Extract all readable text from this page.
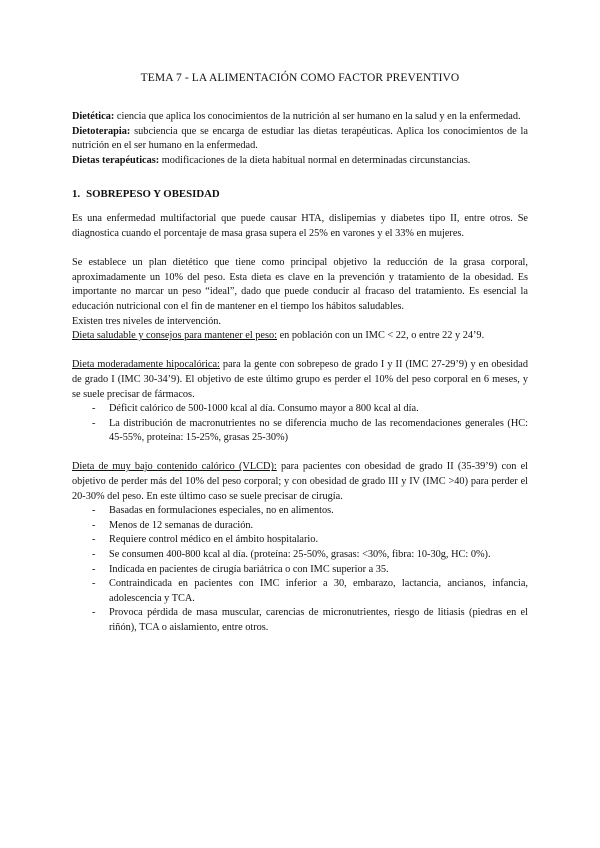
TEMA 7 - LA ALIMENTACIÓN COMO FACTOR PREVENTIVO

Dietética: ciencia que aplica los conocimientos de la nutrición al ser humano en la salud y en la enfermedad.

Dietoterapia: subciencia que se encarga de estudiar las dietas terapéuticas. Aplica los conocimientos de la nutrición en el ser humano en la enfermedad.

Dietas terapéuticas: modificaciones de la dieta habitual normal en determinadas circunstancias.

1. SOBREPESO Y OBESIDAD

Es una enfermedad multifactorial que puede causar HTA, dislipemias y diabetes tipo II, entre otros. Se diagnostica cuando el porcentaje de masa grasa supera el 25% en varones y el 33% en mujeres.

Se establece un plan dietético que tiene como principal objetivo la reducción de la grasa corporal, aproximadamente un 10% del peso. Esta dieta es clave en la prevención y tratamiento de la obesidad. Es importante no marcar un peso “ideal”, dado que puede conducir al fracaso del tratamiento. Es esencial la educación nutricional con el fin de mantener en el tiempo los hábitos saludables.

Existen tres niveles de intervención.

Dieta saludable y consejos para mantener el peso: en población con un IMC < 22, o entre 22 y 24’9.

Dieta moderadamente hipocalórica: para la gente con sobrepeso de grado I y II (IMC 27-29’9) y en obesidad de grado I (IMC 30-34’9). El objetivo de este último grupo es perder el 10% del peso corporal en 6 meses, y se suele precisar de fármacos.

- Déficit calórico de 500-1000 kcal al día. Consumo mayor a 800 kcal al día.
- La distribución de macronutrientes no se diferencia mucho de las recomendaciones generales (HC: 45-55%, proteína: 15-25%, grasas 25-30%)

Dieta de muy bajo contenido calórico (VLCD): para pacientes con obesidad de grado II (35-39’9) con el objetivo de perder más del 10% del peso corporal; y con obesidad de grado III y IV (IMC >40) para perder el 20-30% del peso. En este último caso se suele precisar de cirugía.

- Basadas en formulaciones especiales, no en alimentos.
- Menos de 12 semanas de duración.
- Requiere control médico en el ámbito hospitalario.
- Se consumen 400-800 kcal al día. (proteína: 25-50%, grasas: <30%, fibra: 10-30g, HC: 0%).
- Indicada en pacientes de cirugía bariátrica o con IMC superior a 35.
- Contraindicada en pacientes con IMC inferior a 30, embarazo, lactancia, ancianos, infancia, adolescencia y TCA.
- Provoca pérdida de masa muscular, carencias de micronutrientes, riesgo de litiasis (piedras en el riñón), TCA o aislamiento, entre otros.
